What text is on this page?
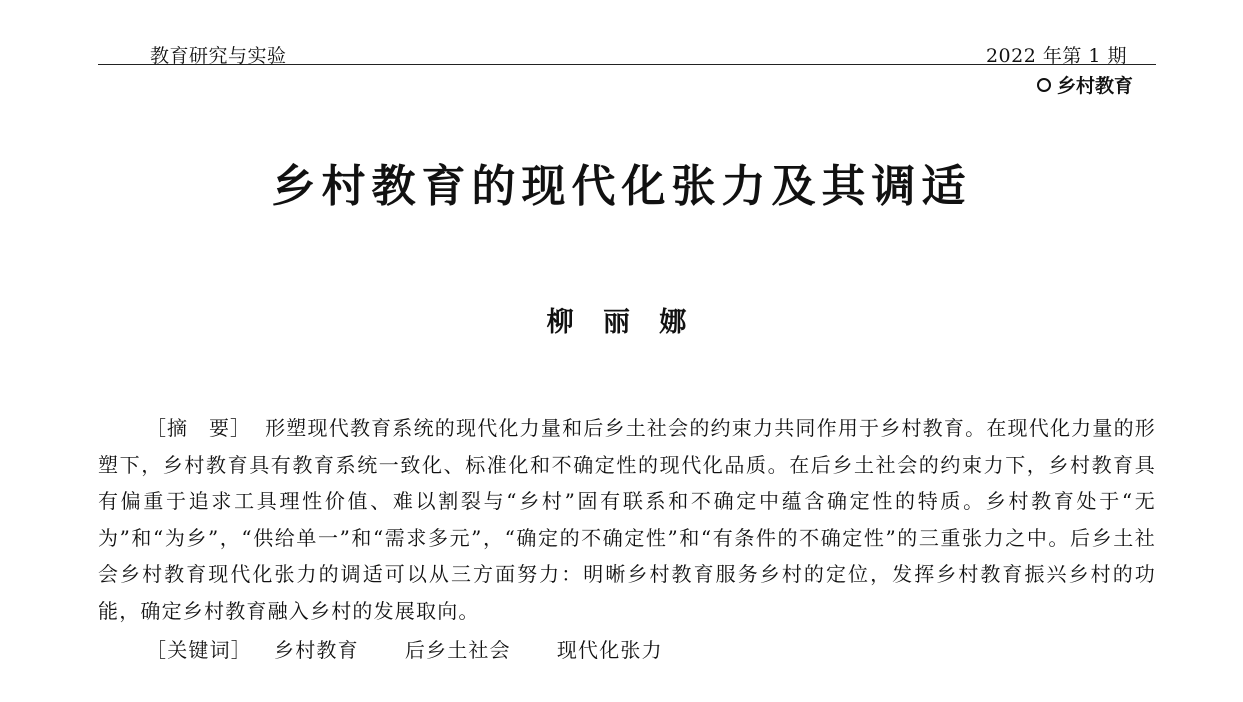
教育研究与实验	2022 年第 1 期
乡村教育
乡村教育的现代化张力及其调适
柳 丽 娜

［摘　要］ 形塑现代教育系统的现代化力量和后乡土社会的约束力共同作用于乡村教育。在现代化力量的形塑下，乡村教育具有教育系统一致化、标准化和不确定性的现代化品质。在后乡土社会的约束力下，乡村教育具有偏重于追求工具理性价值、难以割裂与“乡村”固有联系和不确定中蕴含确定性的特质。乡村教育处于“无为”和“为乡”，“供给单一”和“需求多元”，“确定的不确定性”和“有条件的不确定性”的三重张力之中。后乡土社会乡村教育现代化张力的调适可以从三方面努力：明晰乡村教育服务乡村的定位，发挥乡村教育振兴乡村的功能，确定乡村教育融入乡村的发展取向。

［关键词］ 乡村教育 后乡土社会 现代化张力
